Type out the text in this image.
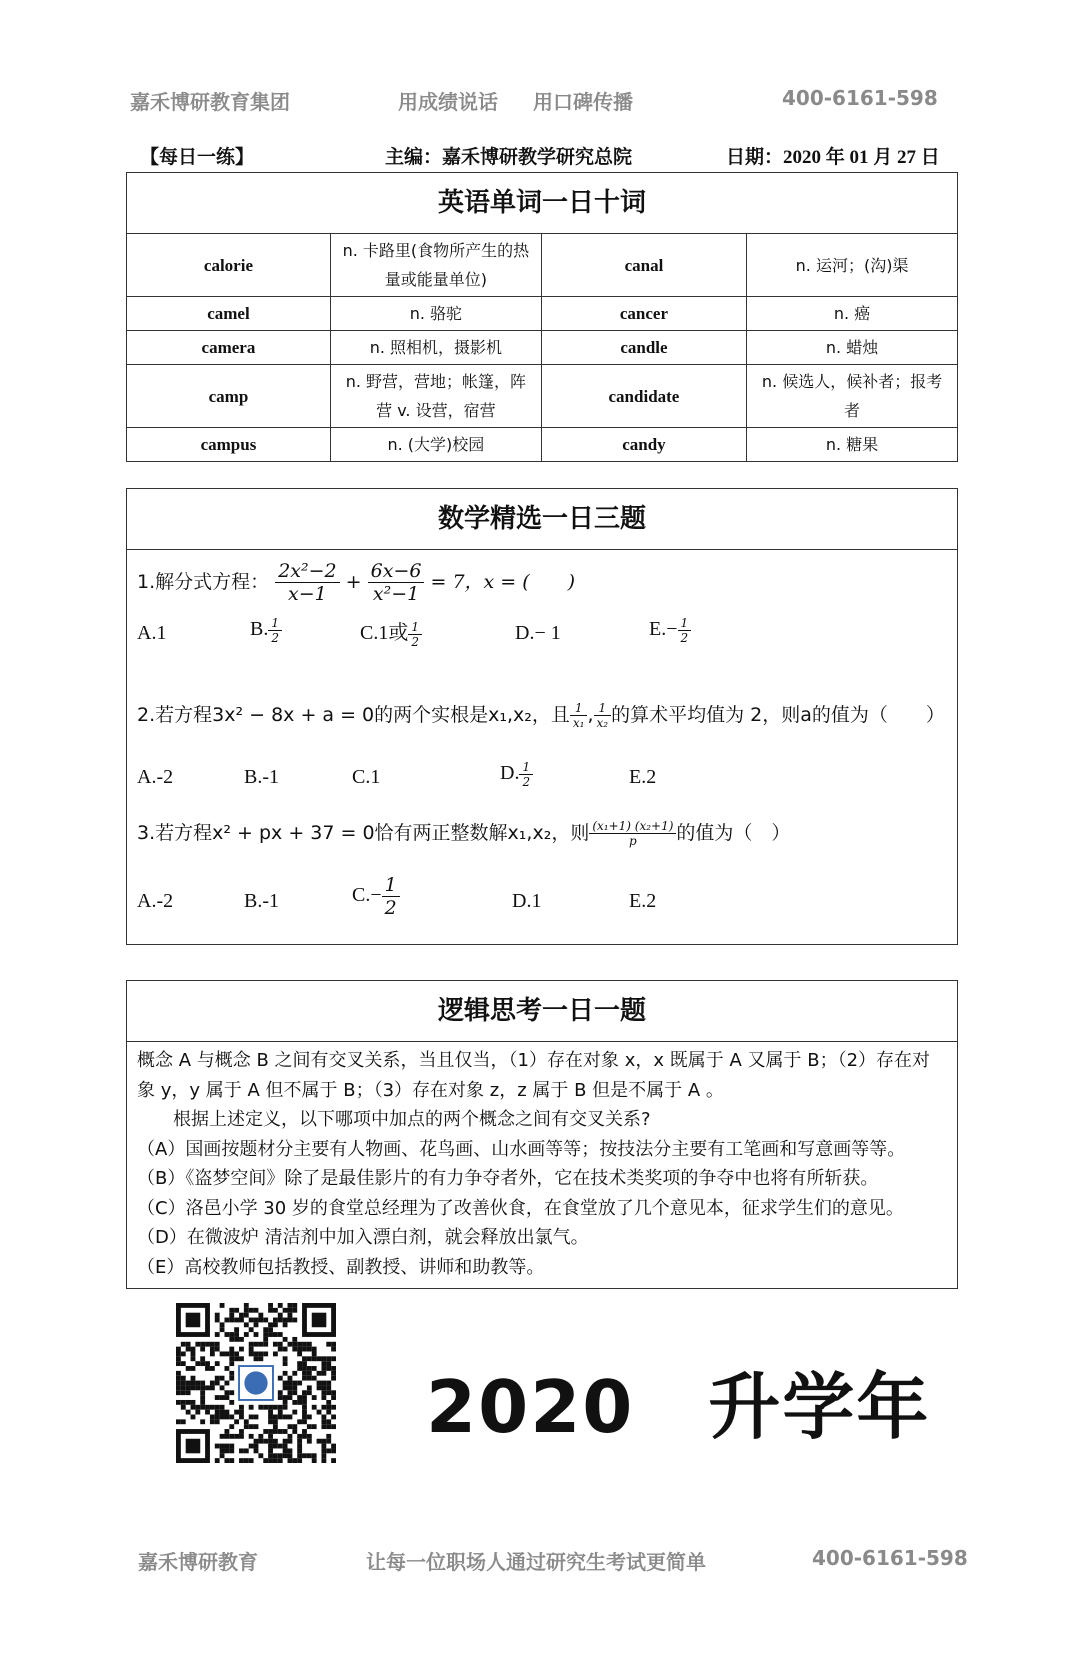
嘉禾博研教育集团	用成绩说话 用口碑传播	400-6161-598
【每日一练】	主编：嘉禾博研教学研究总院	日期：2020 年 01 月 27 日
英语单词一日十词
calorie	n. 卡路里(食物所产生的热量或能量单位)	canal	n. 运河；(沟)渠
camel	n. 骆驼	cancer	n. 癌
camera	n. 照相机，摄影机	candle	n. 蜡烛
camp	n. 野营，营地；帐篷，阵营 v. 设营，宿营	candidate	n. 候选人，候补者；报考者
campus	n. (大学)校园	candy	n. 糖果
数学精选一日三题
1.解分式方程： $\frac{\text{2x²−2}}{x-1} + \frac{6x-6}{\text{x²−1}} = 7$，x = (　　)
A.1	B. $\frac{1}{2}$	C.1或 $\frac{1}{2}$	D.− 1	$E.- \frac{1}{2}$
2.若方程3x² − 8x + a = 0的两个实根是x₁,x₂，且 $\frac{1}{\text{x₁}}$ , $\frac{1}{\text{x₂}}$ 的算术平均值为 2，则a的值为（　　）
A.-2	B.-1	C.1	D. $\frac{1}{2}$	E.2
3.若方程x² + px + 37 = 0恰有两正整数解x₁,x₂，则 $\frac{\text{(x₁+1) (x₂+1)}}{p}$ 的值为（　）
A.-2	B.-1	$C.- \frac{1}{2}$	D.1	E.2
逻辑思考一日一题

概念 A 与概念 B 之间有交叉关系，当且仅当，（1）存在对象 x，x 既属于 A 又属于 B；（2）存在对象 y，y 属于 A 但不属于 B；（3）存在对象 z，z 属于 B 但是不属于 A 。

　　根据上述定义，以下哪项中加点的两个概念之间有交叉关系?

（A）国画按题材分主要有人物画、花鸟画、山水画等等；按技法分主要有工笔画和写意画等等。

（B）《盗梦空间》除了是最佳影片的有力争夺者外，它在技术类奖项的争夺中也将有所斩获。

（C）洛邑小学 30 岁的食堂总经理为了改善伙食，在食堂放了几个意见本，征求学生们的意见。

（D）在微波炉 清洁剂中加入漂白剂，就会释放出氯气。

（E）高校教师包括教授、副教授、讲师和助教等。

2020　升学年
嘉禾博研教育	让每一位职场人通过研究生考试更简单	400-6161-598
